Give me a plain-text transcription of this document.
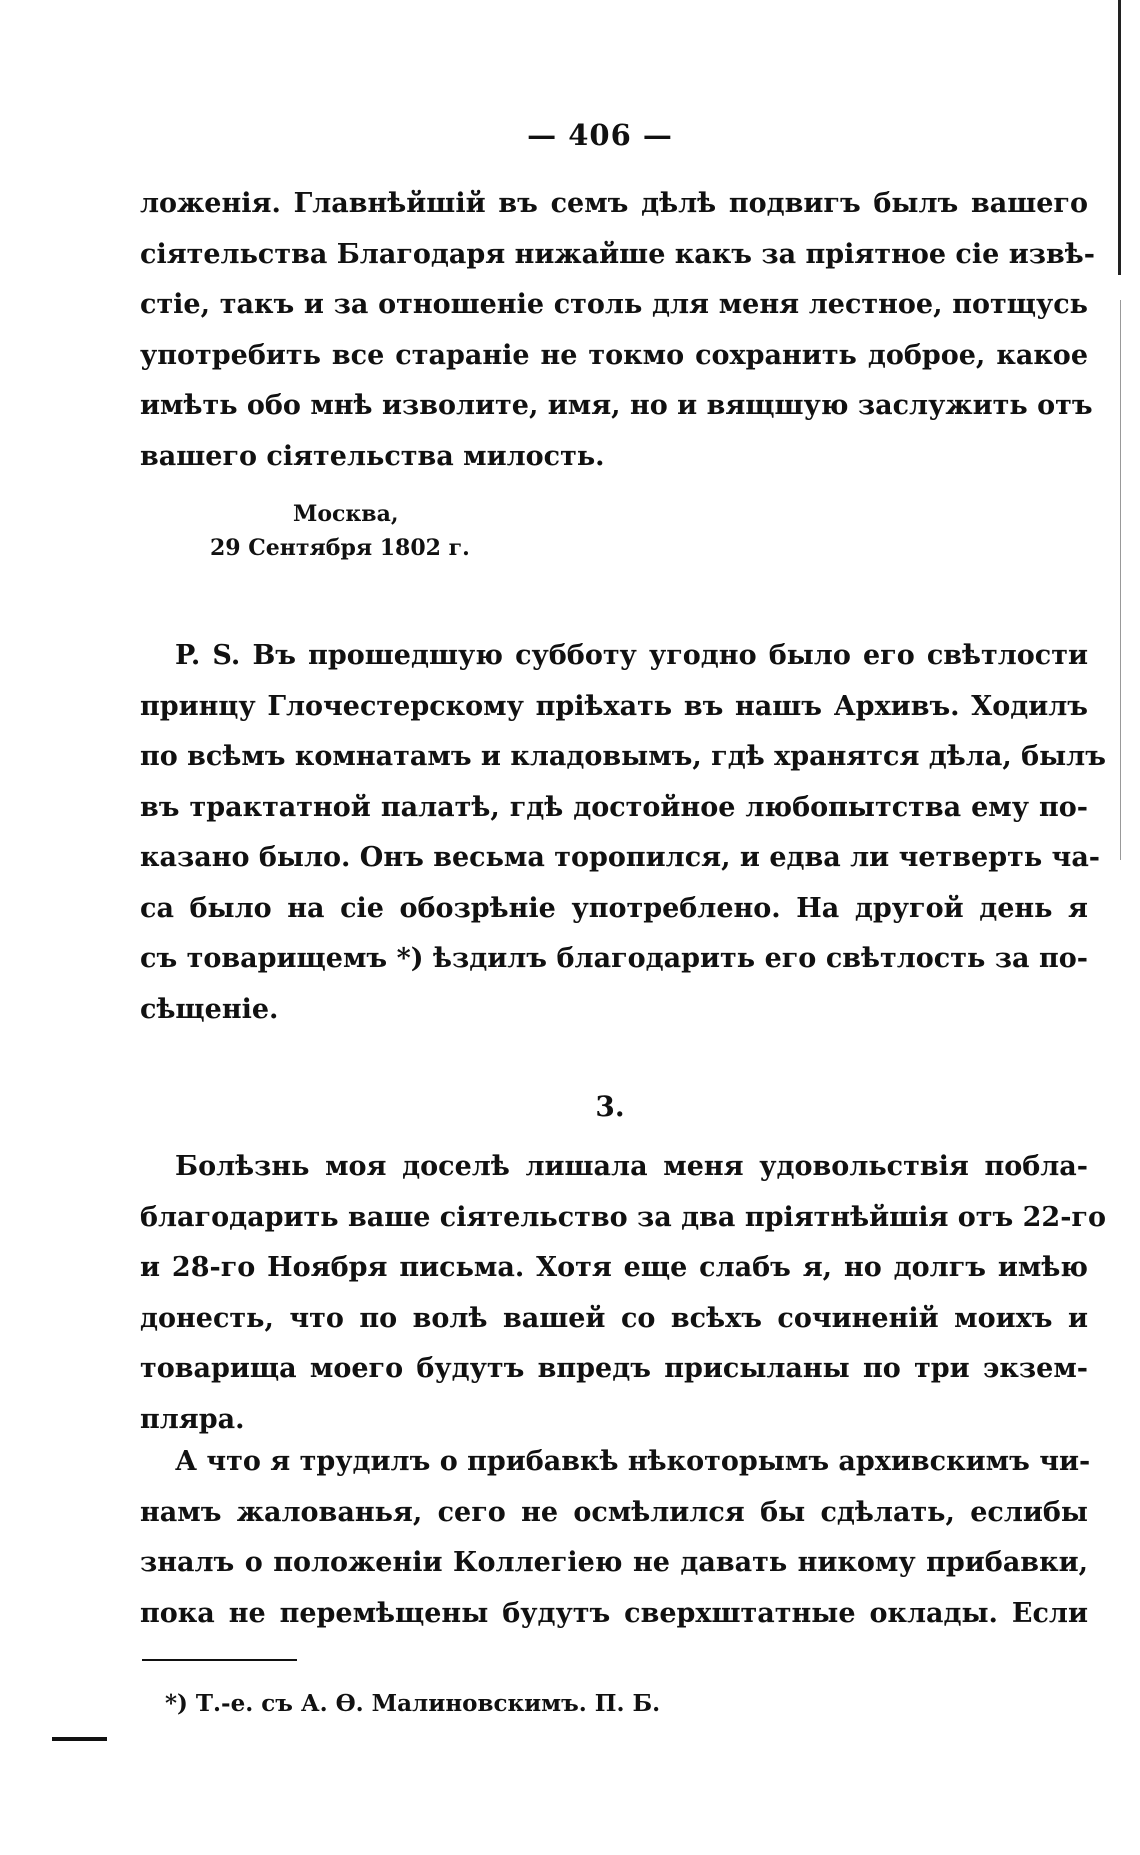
— 406 —
ложенія. Главнѣйшій въ семъ дѣлѣ подвигъ былъ вашего
сіятельства Благодаря нижайше какъ за пріятное сіе извѣ-
стіе, такъ и за отношеніе столь для меня лестное, потщусь
употребить все стараніе не токмо сохранить доброе, какое
имѣть обо мнѣ изволите, имя, но и вящшую заслужить отъ
вашего сіятельства милость.
Москва,
29 Сентября 1802 г.
P. S. Въ прошедшую субботу угодно было его свѣтлости
принцу Глочестерскому пріѣхать въ нашъ Архивъ. Ходилъ
по всѣмъ комнатамъ и кладовымъ, гдѣ хранятся дѣла, былъ
въ трактатной палатѣ, гдѣ достойное любопытства ему по-
казано было. Онъ весьма торопился, и едва ли четверть ча-
са было на сіе обозрѣніе употреблено. На другой день я
съ товарищемъ *) ѣздилъ благодарить его свѣтлость за по-
сѣщеніе.
3.
Болѣзнь моя доселѣ лишала меня удовольствія побла-
благодарить ваше сіятельство за два пріятнѣйшія отъ 22-го
и 28-го Ноября письма. Хотя еще слабъ я, но долгъ имѣю
донесть, что по волѣ вашей со всѣхъ сочиненій моихъ и
товарища моего будутъ впредъ присыланы по три экзем-
пляра.
А что я трудилъ о прибавкѣ нѣкоторымъ архивскимъ чи-
намъ жалованья, сего не осмѣлился бы сдѣлать, еслибы
зналъ о положеніи Коллегіею не давать никому прибавки,
пока не перемѣщены будутъ сверхштатные оклады. Если
*) Т.-е. съ А. Ѳ. Малиновскимъ. П. Б.
